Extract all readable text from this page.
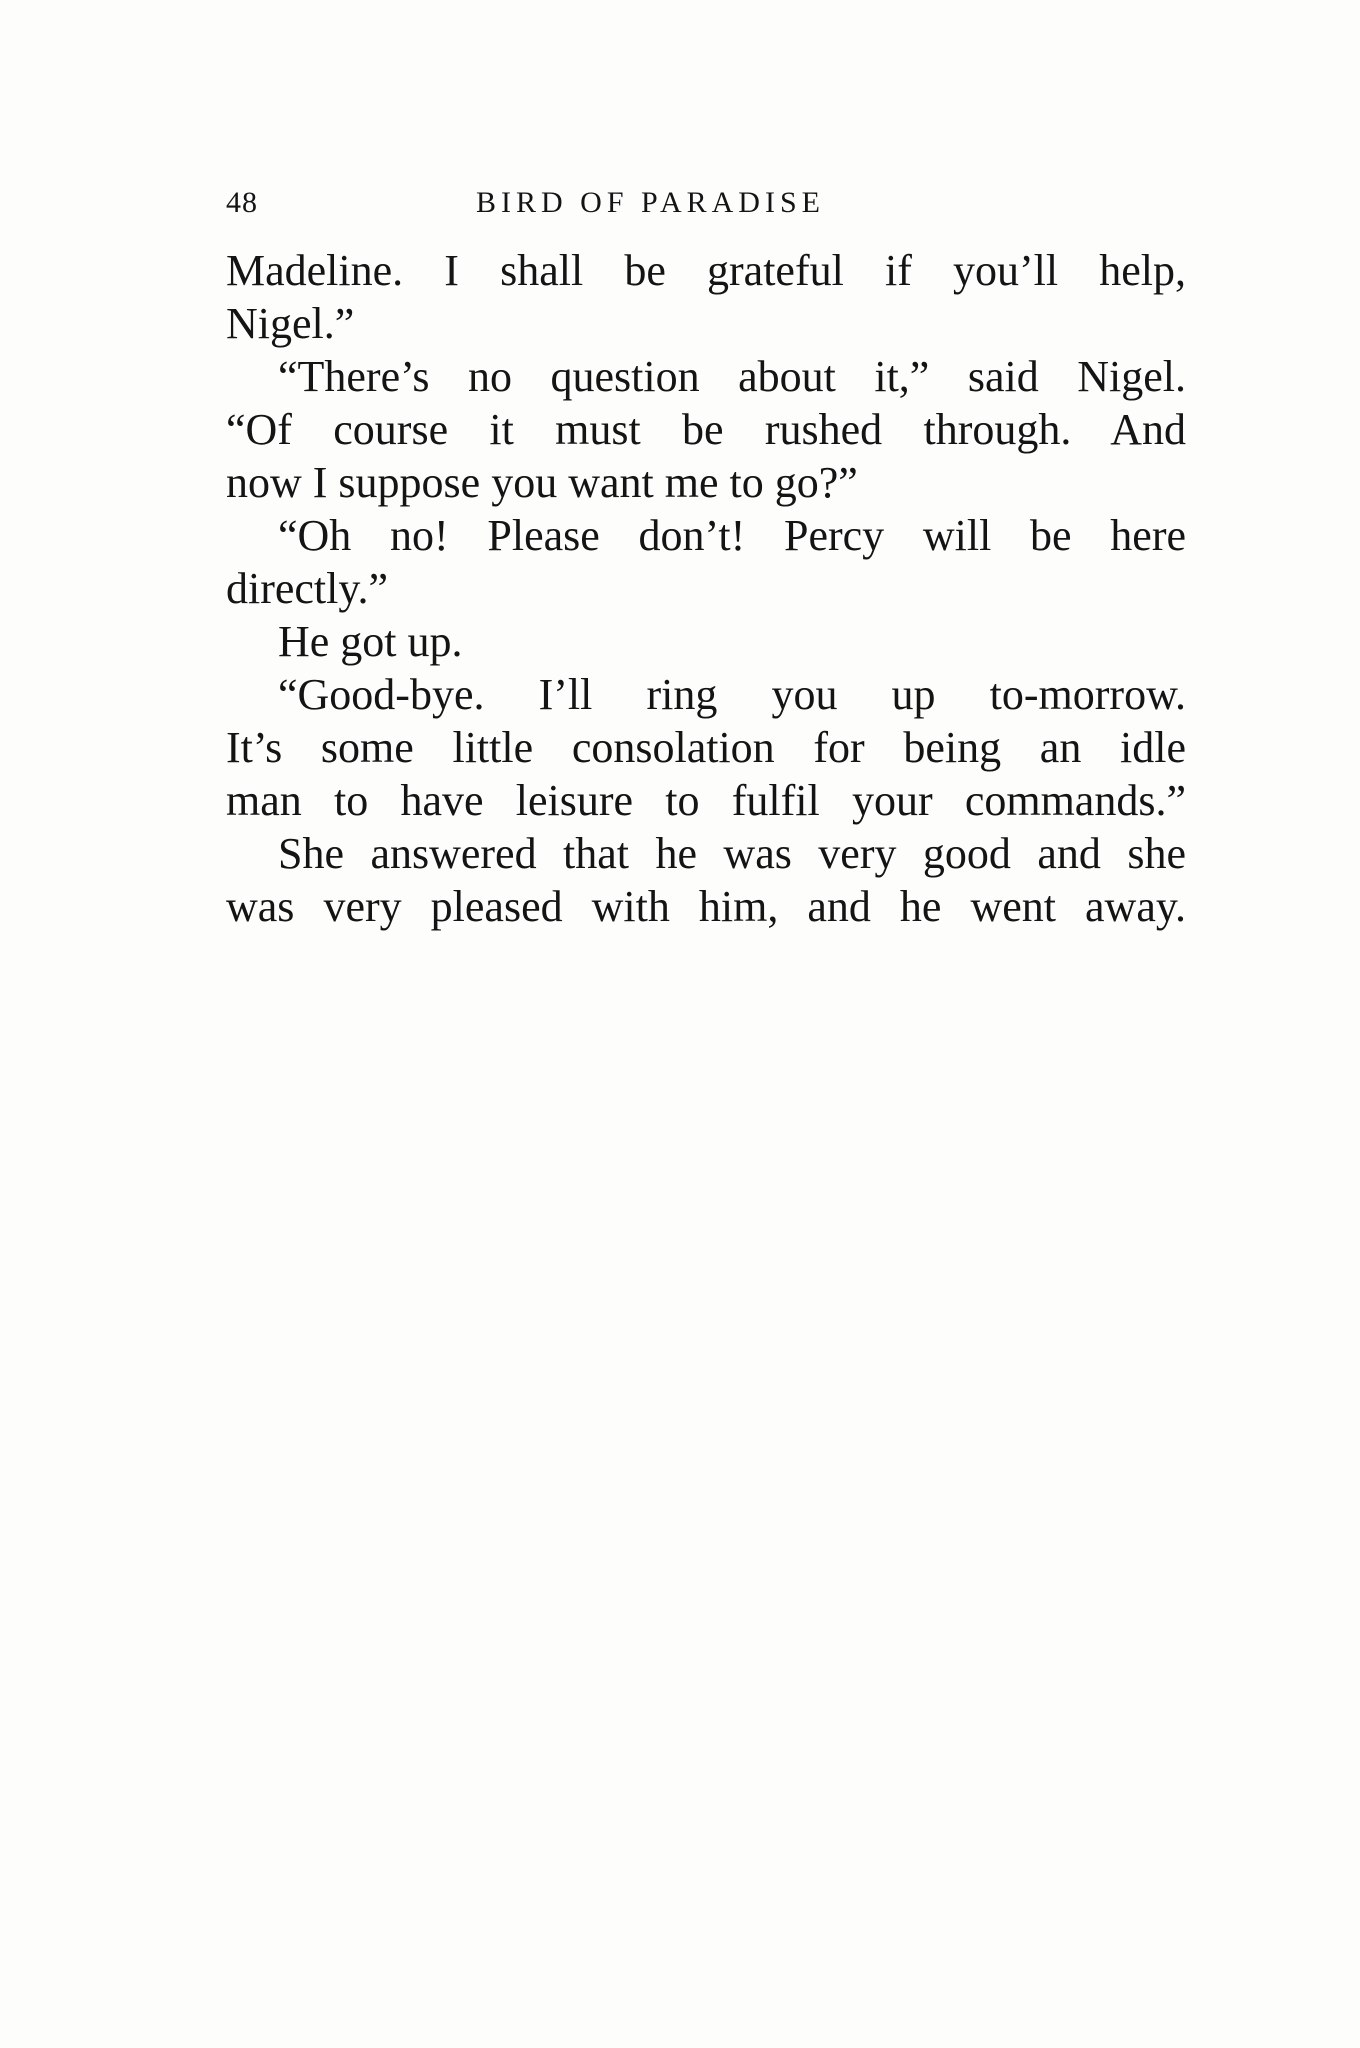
48	BIRD OF PARADISE
Madeline. I shall be grateful if you’ll help,
Nigel.”
“There’s no question about it,” said Nigel.
“Of course it must be rushed through. And
now I suppose you want me to go?”
“Oh no! Please don’t! Percy will be here
directly.”
He got up.
“Good-bye. I’ll ring you up to-morrow.
It’s some little consolation for being an idle
man to have leisure to fulfil your commands.”
She answered that he was very good and she
was very pleased with him, and he went away.
